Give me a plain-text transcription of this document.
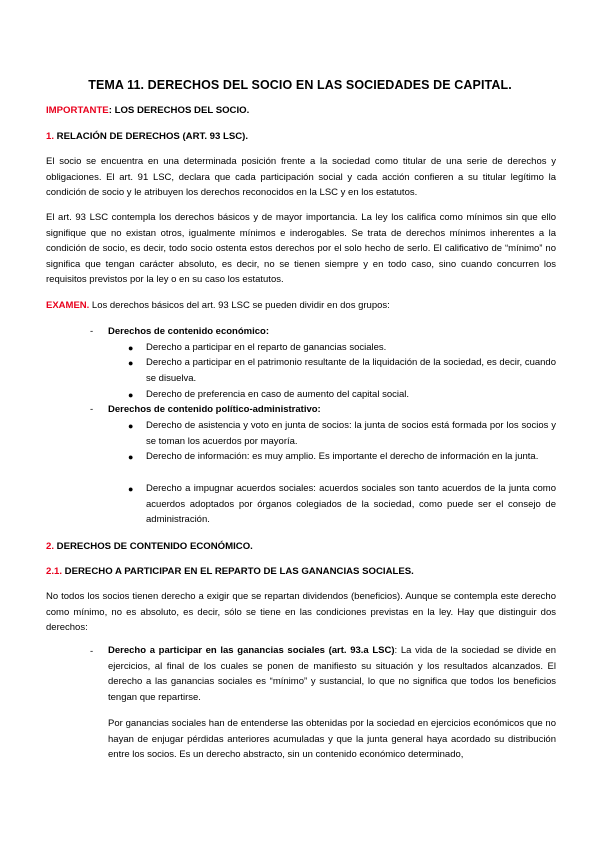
TEMA 11. DERECHOS DEL SOCIO EN LAS SOCIEDADES DE CAPITAL.
IMPORTANTE: LOS DERECHOS DEL SOCIO.
1. RELACIÓN DE DERECHOS (ART. 93 LSC).

El socio se encuentra en una determinada posición frente a la sociedad como titular de una serie de derechos y obligaciones. El art. 91 LSC, declara que cada participación social y cada acción confieren a su titular legítimo la condición de socio y le atribuyen los derechos reconocidos en la LSC y en los estatutos.

El art. 93 LSC contempla los derechos básicos y de mayor importancia. La ley los califica como mínimos sin que ello signifique que no existan otros, igualmente mínimos e inderogables. Se trata de derechos mínimos inherentes a la condición de socio, es decir, todo socio ostenta estos derechos por el solo hecho de serlo. El calificativo de “mínimo” no significa que tengan carácter absoluto, es decir, no se tienen siempre y en todo caso, sino cuando concurren los requisitos previstos por la ley o en su caso los estatutos.

EXAMEN. Los derechos básicos del art. 93 LSC se pueden dividir en dos grupos:
- Derechos de contenido económico:
●	Derecho a participar en el reparto de ganancias sociales.

●	Derecho a participar en el patrimonio resultante de la liquidación de la sociedad, es decir, cuando se disuelva.

●	Derecho de preferencia en caso de aumento del capital social.

- Derechos de contenido político-administrativo:
●	Derecho de asistencia y voto en junta de socios: la junta de socios está formada por los socios y se toman los acuerdos por mayoría.

●	Derecho de información: es muy amplio. Es importante el derecho de información en la junta.

●	Derecho a impugnar acuerdos sociales: acuerdos sociales son tanto acuerdos de la junta como acuerdos adoptados por órganos colegiados de la sociedad, como puede ser el consejo de administración.

2. DERECHOS DE CONTENIDO ECONÓMICO.
2.1. DERECHO A PARTICIPAR EN EL REPARTO DE LAS GANANCIAS SOCIALES.

No todos los socios tienen derecho a exigir que se repartan dividendos (beneficios). Aunque se contempla este derecho como mínimo, no es absoluto, es decir, sólo se tiene en las condiciones previstas en la ley. Hay que distinguir dos derechos:

- Derecho a participar en las ganancias sociales (art. 93.a LSC): La vida de la sociedad se divide en ejercicios, al final de los cuales se ponen de manifiesto su situación y los resultados alcanzados. El derecho a las ganancias sociales es “mínimo” y sustancial, lo que no significa que todos los beneficios tengan que repartirse.

Por ganancias sociales han de entenderse las obtenidas por la sociedad en ejercicios económicos que no hayan de enjugar pérdidas anteriores acumuladas y que la junta general haya acordado su distribución entre los socios. Es un derecho abstracto, sin un contenido económico determinado,
